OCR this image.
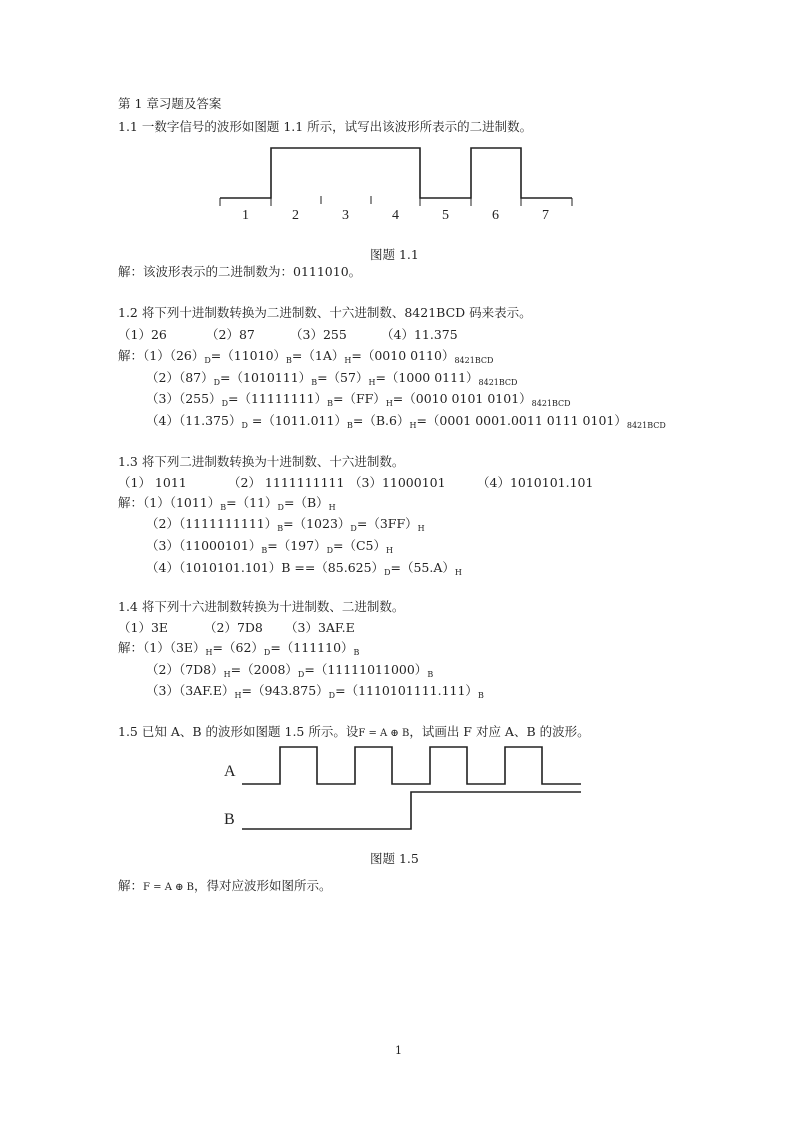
第 1 章习题及答案
1.1 一数字信号的波形如图题 1.1 所示，试写出该波形所表示的二进制数。
1	2	3	4	5	6	7
图题 1.1
解：该波形表示的二进制数为：0111010。
1.2 将下列十进制数转换为二进制数、十六进制数、8421BCD 码来表示。
（1）26	（2）87	（3）255	（4）11.375
解：$(1)(26)_D=(11010)_B=(1A)_H=(0010$ $0110)_{8421BCD}$
$(2)(87)_D=(1010111)_B=(57)_H=(1000$ $0111)_{8421BCD}$
$(3)(255)_D=(11111111)_B=(FF)_H=(0010$ 0101 $0101)_{8421BCD}$
$(4)(11.375)_D =(1011.011)_B=(B.6)_H=(0001$ 0001.0011 0111 $0101)_{8421BCD}$
1.3 将下列二进制数转换为十进制数、十六进制数。
（1） 1011	（2） 1111111111 （3）11000101	（4）1010101.101
解：$(1)(1011)_B=(11)_D=(B)_H$
$(2)(1111111111)_B=(1023)_D=(3FF)_H$
$(3)(11000101)_B=(197)_D=(C5)_H$
$(4)(1010101.101)B ==(85.625)_D=(55.A)_H$
1.4 将下列十六进制数转换为十进制数、二进制数。
（1）3E	（2）7D8 （3）3AF.E
解：$(1)(3E)_H=(62)_D=(111110)_B$
$(2)(7D8)_H=(2008)_D=(11111011000)_B$
$(3)(3AF.E)_H=(943.875)_D=(1110101111.111)_B$
1.5 已知 A、B 的波形如图题 1.5 所示。设F = A ⊕ B，试画出 F 对应 A、B 的波形。
A
B
图题 1.5
解：F = A ⊕ B，得对应波形如图所示。
1
